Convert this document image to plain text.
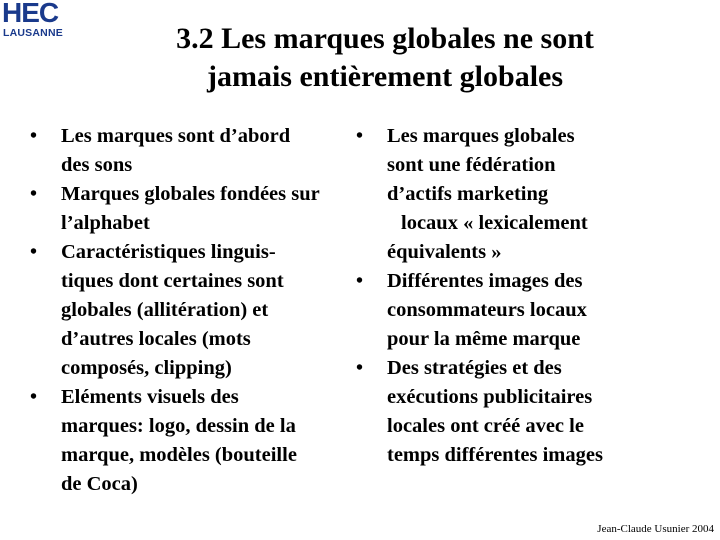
HEC
LAUSANNE	3.2 Les marques globales ne sont
jamais entièrement globales
• Les marques sont d’abord
des sons
• Marques globales fondées sur
l’alphabet
• Caractéristiques linguis-
tiques dont certaines sont
globales (allitération) et
d’autres locales (mots
composés, clipping)
• Eléments visuels des
marques: logo, dessin de la
marque, modèles (bouteille
de Coca)
• Les marques globales
sont une fédération
d’actifs marketing
locaux « lexicalement
équivalents »
• Différentes images des
consommateurs locaux
pour la même marque
• Des stratégies et des
exécutions publicitaires
locales ont créé avec le
temps différentes images
Jean-Claude Usunier 2004
